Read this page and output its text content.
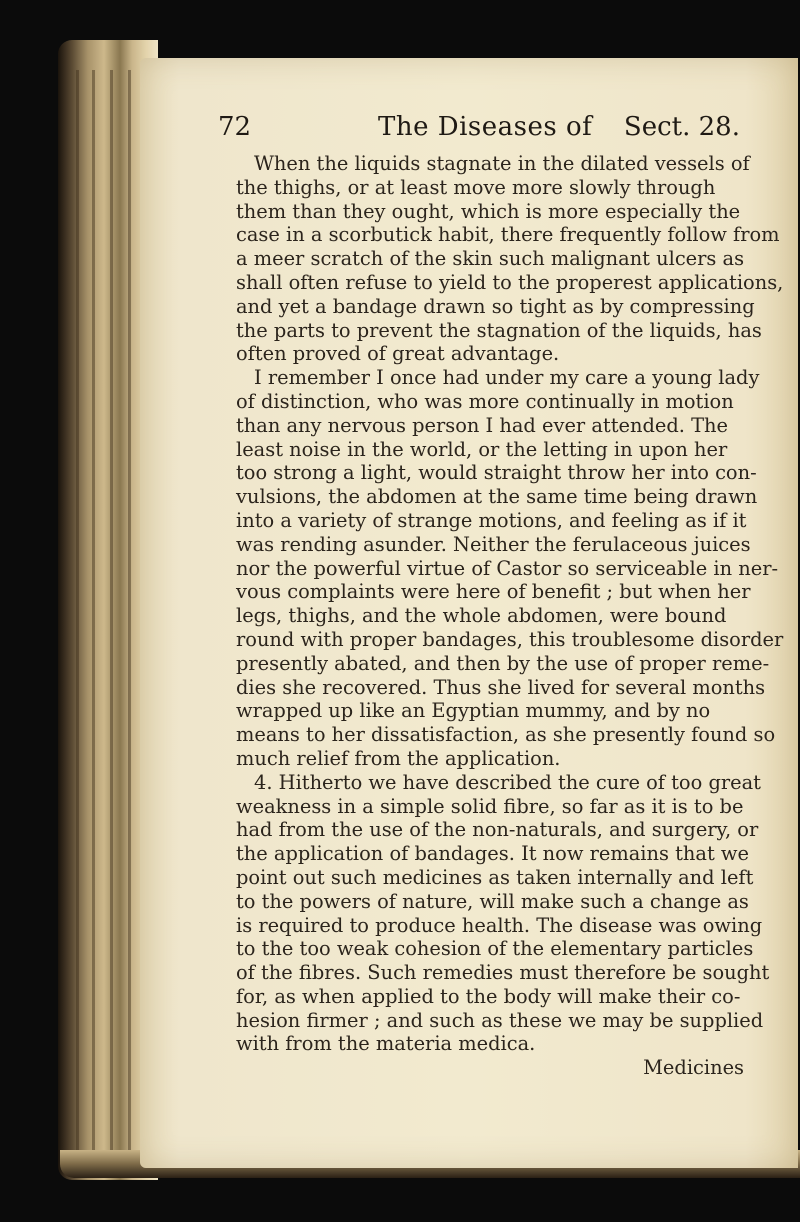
72	The Diseases of Sect. 28.
When the liquids stagnate in the dilated vessels of
the thighs, or at least move more slowly through
them than they ought, which is more especially the
case in a scorbutick habit, there frequently follow from
a meer scratch of the skin such malignant ulcers as
shall often refuse to yield to the properest applications,
and yet a bandage drawn so tight as by compressing
the parts to prevent the stagnation of the liquids, has
often proved of great advantage.
I remember I once had under my care a young lady
of distinction, who was more continually in motion
than any nervous person I had ever attended. The
least noise in the world, or the letting in upon her
too strong a light, would straight throw her into con-
vulsions, the abdomen at the same time being drawn
into a variety of strange motions, and feeling as if it
was rending asunder. Neither the ferulaceous juices
nor the powerful virtue of Castor so serviceable in ner-
vous complaints were here of benefit ; but when her
legs, thighs, and the whole abdomen, were bound
round with proper bandages, this troublesome disorder
presently abated, and then by the use of proper reme-
dies she recovered. Thus she lived for several months
wrapped up like an Egyptian mummy, and by no
means to her dissatisfaction, as she presently found so
much relief from the application.
4. Hitherto we have described the cure of too great
weakness in a simple solid fibre, so far as it is to be
had from the use of the non-naturals, and surgery, or
the application of bandages. It now remains that we
point out such medicines as taken internally and left
to the powers of nature, will make such a change as
is required to produce health. The disease was owing
to the too weak cohesion of the elementary particles
of the fibres. Such remedies must therefore be sought
for, as when applied to the body will make their co-
hesion firmer ; and such as these we may be supplied
with from the materia medica.
Medicines
